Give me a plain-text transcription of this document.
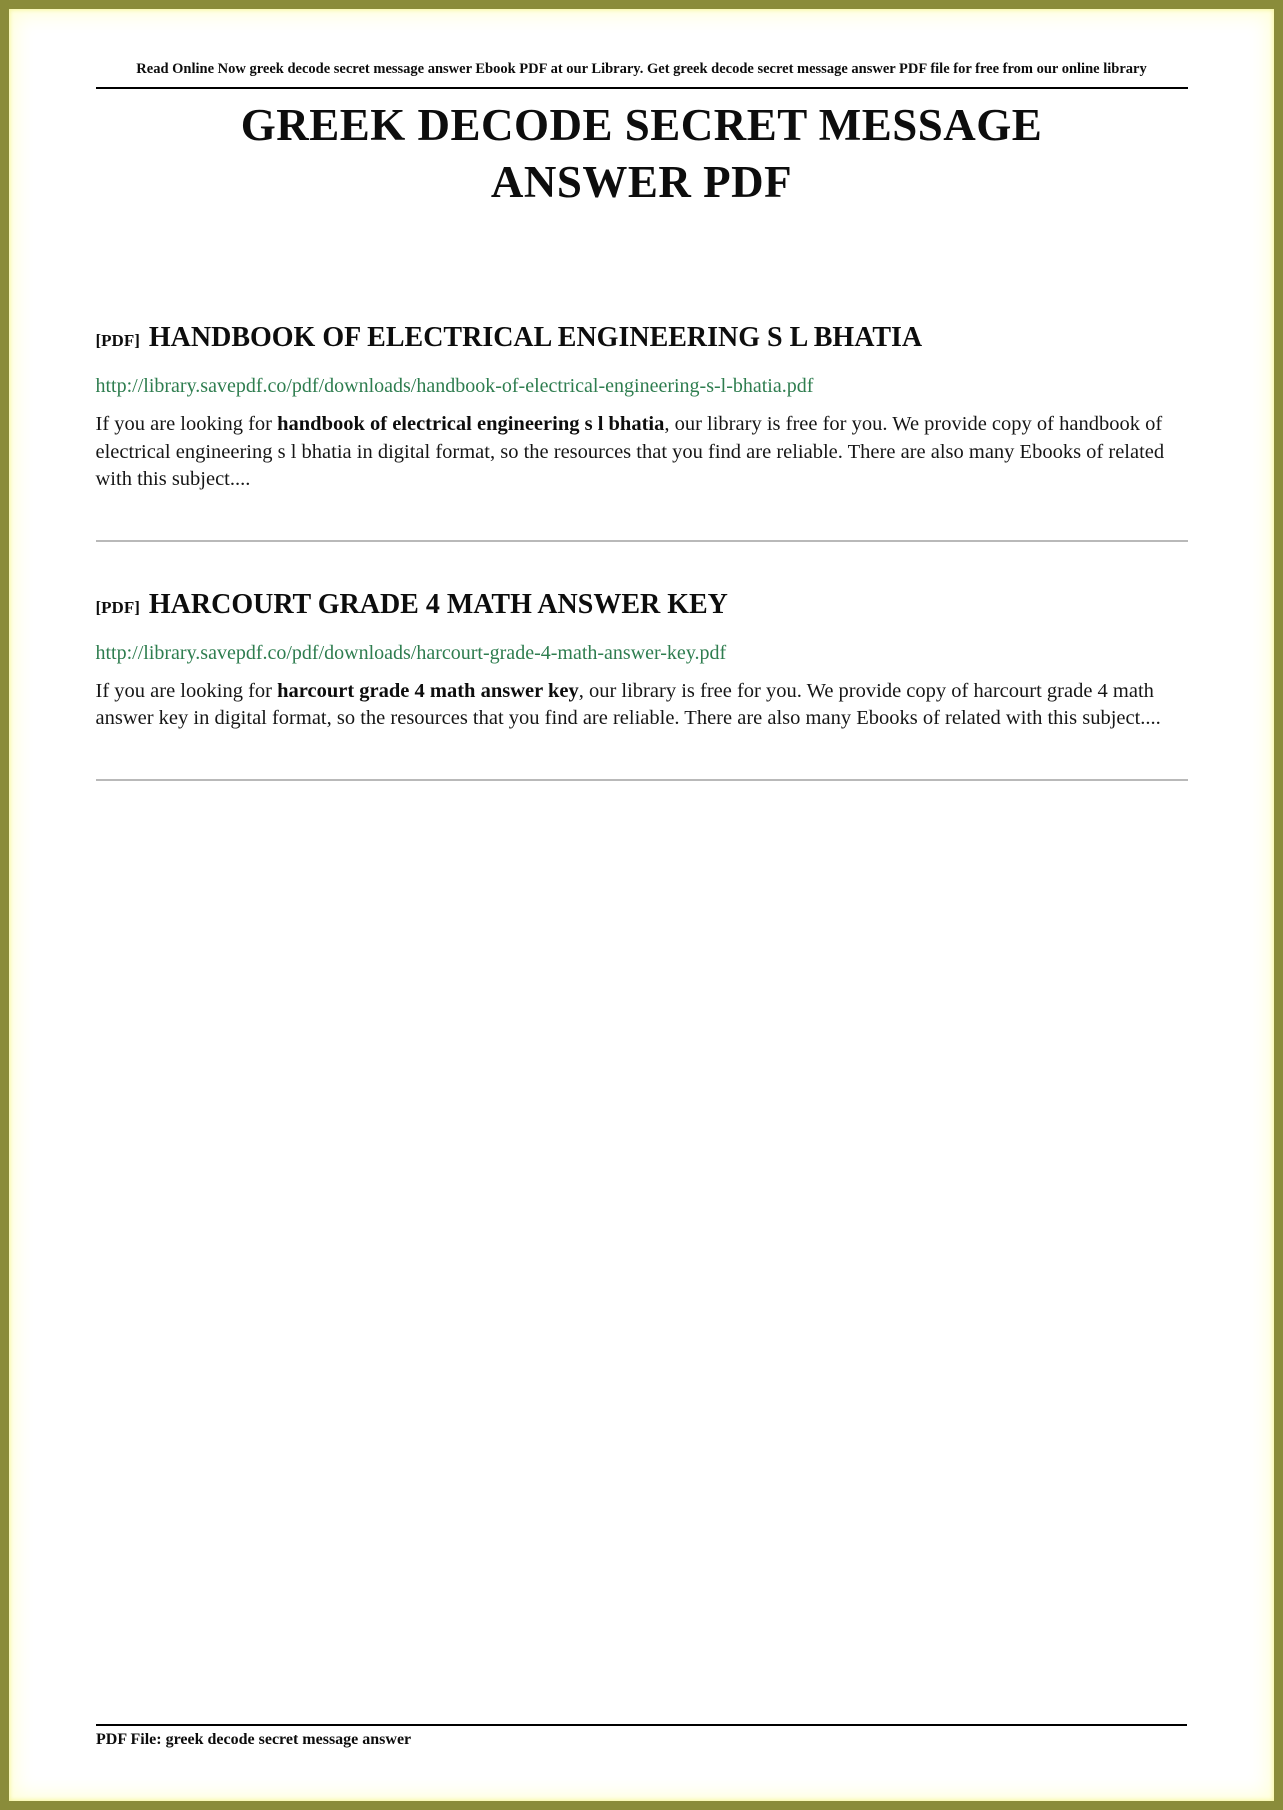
Read Online Now greek decode secret message answer Ebook PDF at our Library. Get greek decode secret message answer PDF file for free from our online library
GREEK DECODE SECRET MESSAGE ANSWER PDF
[PDF] HANDBOOK OF ELECTRICAL ENGINEERING S L BHATIA
http://library.savepdf.co/pdf/downloads/handbook-of-electrical-engineering-s-l-bhatia.pdf

If you are looking for handbook of electrical engineering s l bhatia, our library is free for you. We provide copy of handbook of electrical engineering s l bhatia in digital format, so the resources that you find are reliable. There are also many Ebooks of related with this subject....

[PDF] HARCOURT GRADE 4 MATH ANSWER KEY
http://library.savepdf.co/pdf/downloads/harcourt-grade-4-math-answer-key.pdf

If you are looking for harcourt grade 4 math answer key, our library is free for you. We provide copy of harcourt grade 4 math answer key in digital format, so the resources that you find are reliable. There are also many Ebooks of related with this subject....

PDF File: greek decode secret message answer
